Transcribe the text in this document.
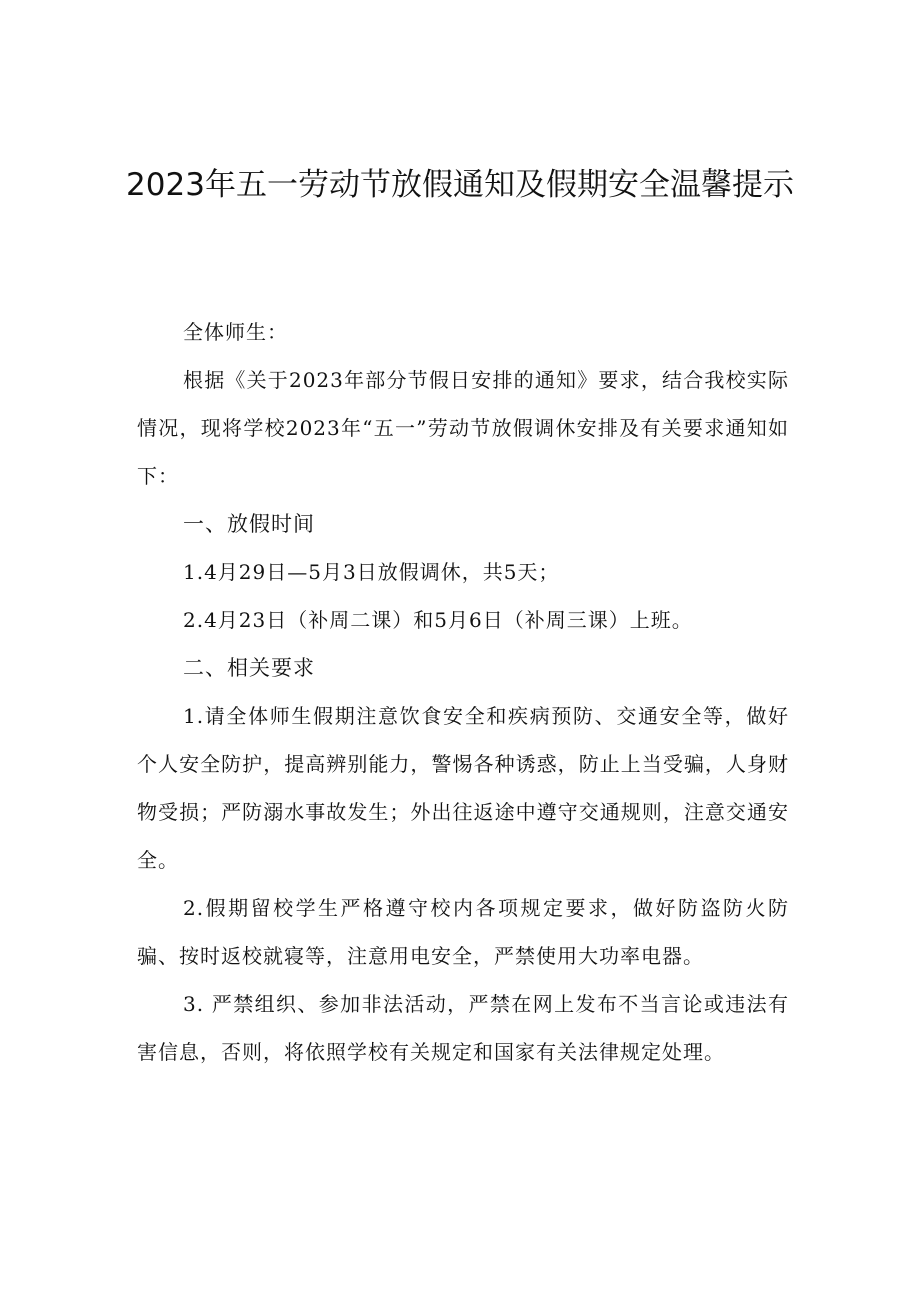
2023年五一劳动节放假通知及假期安全温馨提示

全体师生：

根据《关于2023年部分节假日安排的通知》要求，结合我校实际情况，现将学校2023年“五一”劳动节放假调休安排及有关要求通知如下：

一、放假时间

1.4月29日—5月3日放假调休，共5天；

2.4月23日（补周二课）和5月6日（补周三课）上班。

二、相关要求

1.请全体师生假期注意饮食安全和疾病预防、交通安全等，做好个人安全防护，提高辨别能力，警惕各种诱惑，防止上当受骗，人身财物受损；严防溺水事故发生；外出往返途中遵守交通规则，注意交通安全。

2.假期留校学生严格遵守校内各项规定要求，做好防盗防火防骗、按时返校就寝等，注意用电安全，严禁使用大功率电器。

3. 严禁组织、参加非法活动，严禁在网上发布不当言论或违法有害信息，否则，将依照学校有关规定和国家有关法律规定处理。
